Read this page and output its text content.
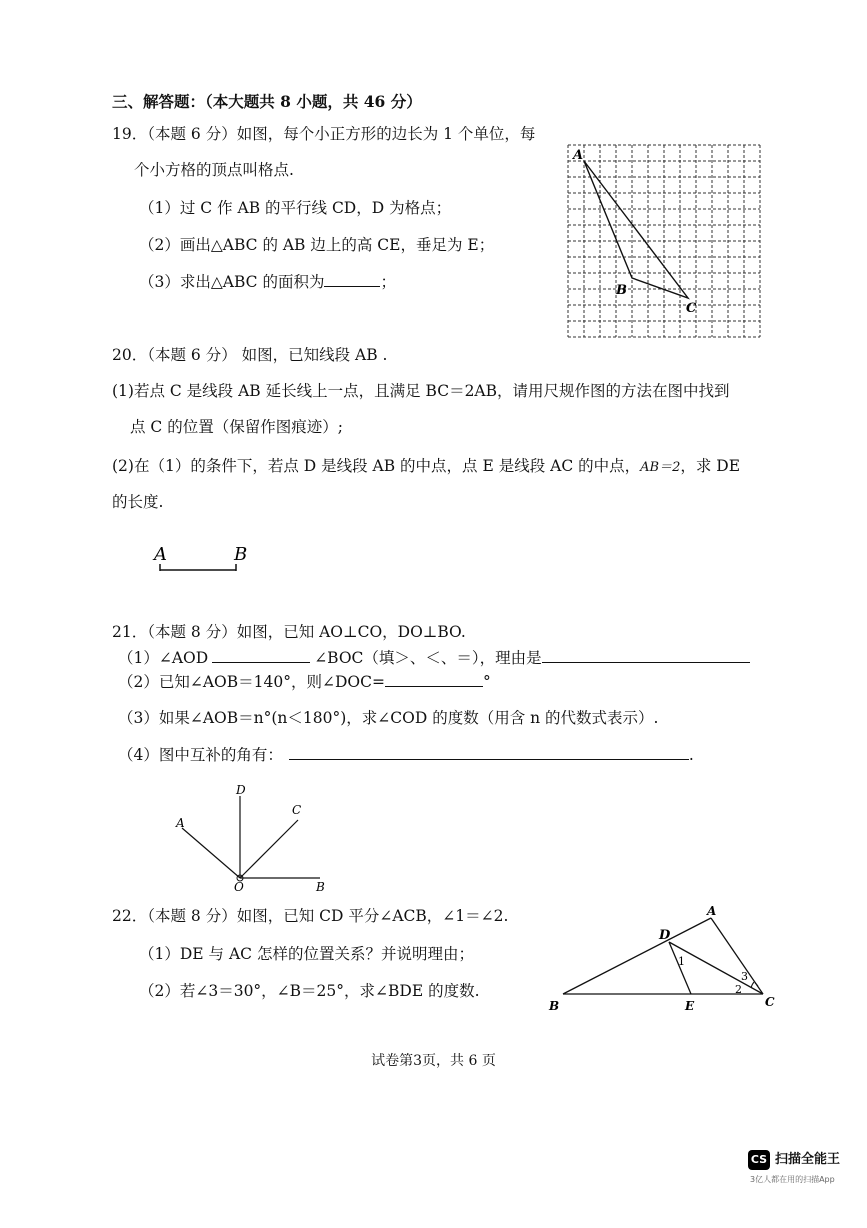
三、解答题：（本大题共 8 小题，共 46 分）
19．（本题 6 分）如图，每个小正方形的边长为 1 个单位，每
个小方格的顶点叫格点.
（1）过 C 作 AB 的平行线 CD，D 为格点；
（2）画出△ABC 的 AB 边上的高 CE，垂足为 E；
（3）求出△ABC 的面积为	；
A
B
C
20．（本题 6 分） 如图，已知线段 AB .
(1)若点 C 是线段 AB 延长线上一点，且满足 BC＝2AB，请用尺规作图的方法在图中找到
点 C 的位置（保留作图痕迹）;
(2)在（1）的条件下，若点 D 是线段 AB 的中点，点 E 是线段 AC 的中点，AB＝2，求 DE
的长度.
A	B
21．（本题 8 分）如图，已知 AO⊥CO，DO⊥BO.
（1）∠AOD	∠BOC（填＞、＜、＝），理由是
（2）已知∠AOB＝140°，则∠DOC=	°
（3）如果∠AOB＝n°(n＜180°)，求∠COD 的度数（用含 n 的代数式表示）.
（4）图中互补的角有：	.
A
D
C
O	B
22．（本题 8 分）如图，已知 CD 平分∠ACB，∠1＝∠2.
（1）DE 与 AC 怎样的位置关系？并说明理由；
（2）若∠3＝30°，∠B＝25°，求∠BDE 的度数.
A
D
B	E	C
1
2
3
试卷第3页，共 6 页
CS 扫描全能王
3亿人都在用的扫描App
